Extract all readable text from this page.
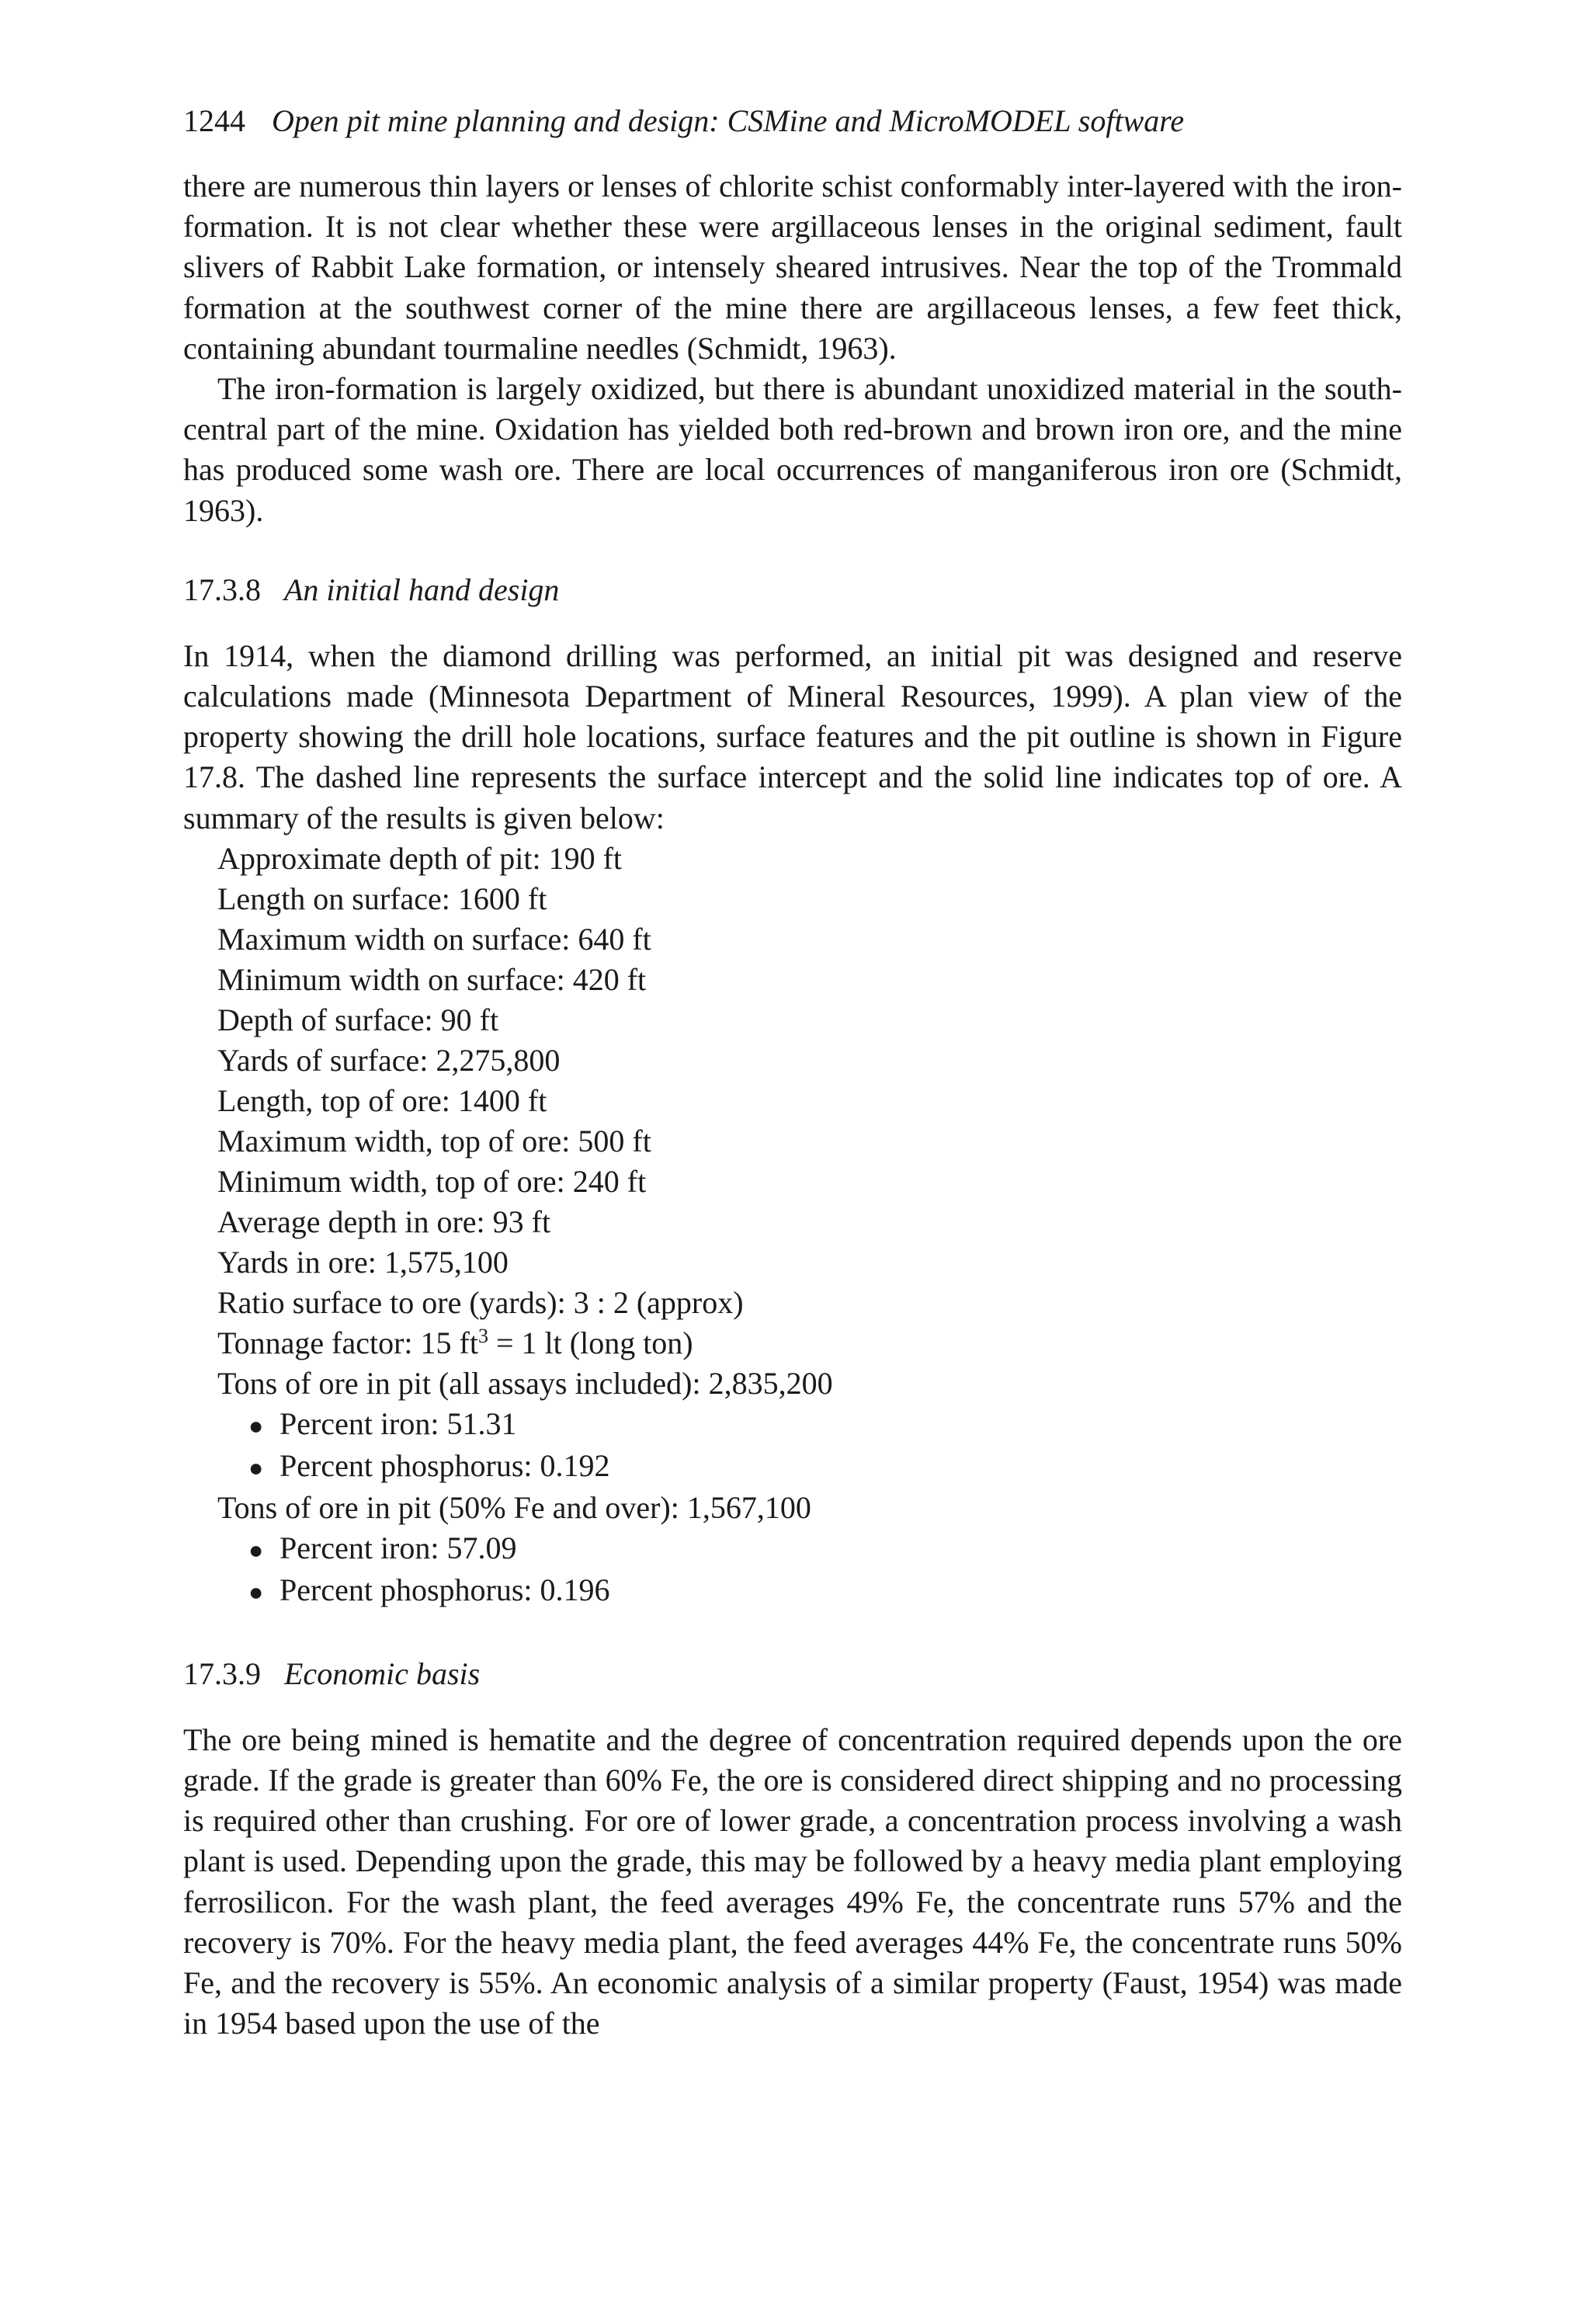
1244 Open pit mine planning and design: CSMine and MicroMODEL software

there are numerous thin layers or lenses of chlorite schist conformably inter-layered with the iron-formation. It is not clear whether these were argillaceous lenses in the original sediment, fault slivers of Rabbit Lake formation, or intensely sheared intrusives. Near the top of the Trommald formation at the southwest corner of the mine there are argillaceous lenses, a few feet thick, containing abundant tourmaline needles (Schmidt, 1963).

The iron-formation is largely oxidized, but there is abundant unoxidized material in the south-central part of the mine. Oxidation has yielded both red-brown and brown iron ore, and the mine has produced some wash ore. There are local occurrences of manganiferous iron ore (Schmidt, 1963).

17.3.8 An initial hand design

In 1914, when the diamond drilling was performed, an initial pit was designed and reserve calculations made (Minnesota Department of Mineral Resources, 1999). A plan view of the property showing the drill hole locations, surface features and the pit outline is shown in Figure 17.8. The dashed line represents the surface intercept and the solid line indicates top of ore. A summary of the results is given below:

Approximate depth of pit: 190 ft
Length on surface: 1600 ft
Maximum width on surface: 640 ft
Minimum width on surface: 420 ft
Depth of surface: 90 ft
Yards of surface: 2,275,800
Length, top of ore: 1400 ft
Maximum width, top of ore: 500 ft
Minimum width, top of ore: 240 ft
Average depth in ore: 93 ft
Yards in ore: 1,575,100
Ratio surface to ore (yards): 3 : 2 (approx)
Tonnage factor: 15 $ft^3 = 1$ lt (long ton)
Tons of ore in pit (all assays included): 2,835,200
● Percent iron: 51.31
● Percent phosphorus: 0.192
Tons of ore in pit (50% Fe and over): 1,567,100
● Percent iron: 57.09
● Percent phosphorus: 0.196
17.3.9 Economic basis

The ore being mined is hematite and the degree of concentration required depends upon the ore grade. If the grade is greater than 60% Fe, the ore is considered direct shipping and no processing is required other than crushing. For ore of lower grade, a concentration process involving a wash plant is used. Depending upon the grade, this may be followed by a heavy media plant employing ferrosilicon. For the wash plant, the feed averages 49% Fe, the concentrate runs 57% and the recovery is 70%. For the heavy media plant, the feed averages 44% Fe, the concentrate runs 50% Fe, and the recovery is 55%. An economic analysis of a similar property (Faust, 1954) was made in 1954 based upon the use of the
